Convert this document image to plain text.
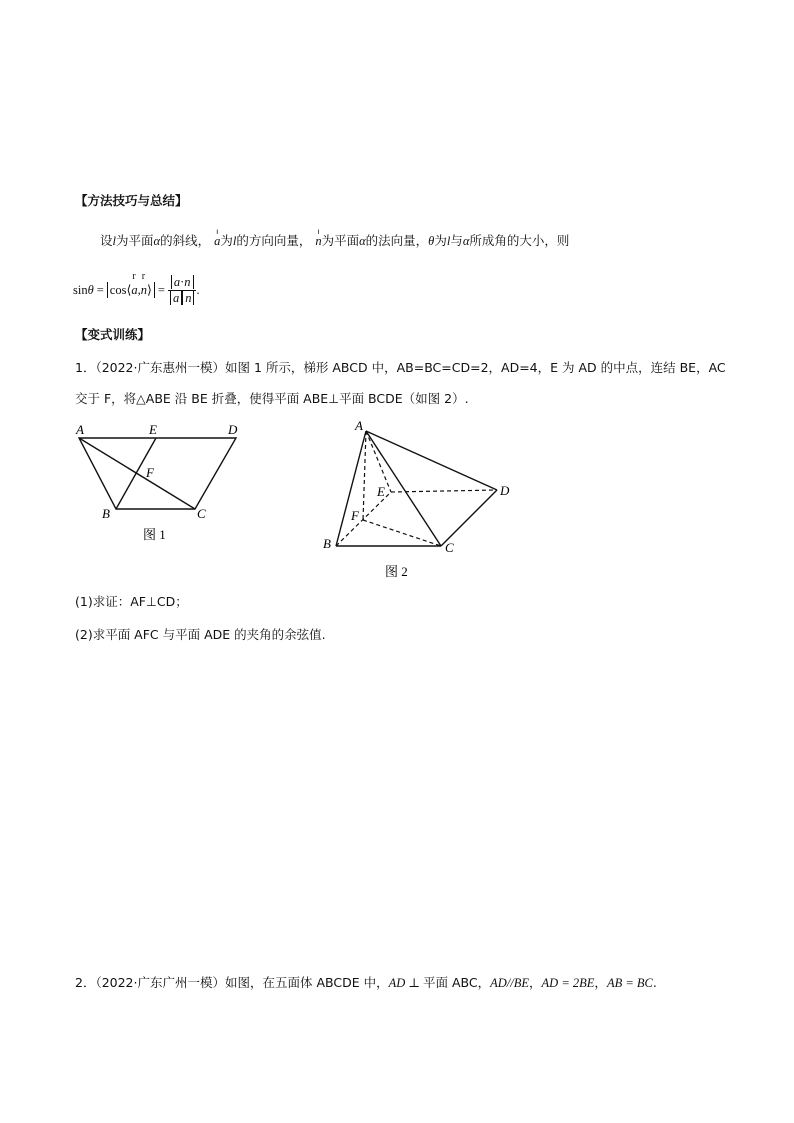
【方法技巧与总结】
设l为平面α的斜线，
ı
a为l的方向向量，
ı
n为平面α的法向量，θ为l与α所成角的大小，则
sin θ = cos⟨
r
a,
r
n⟩ = $\frac{a\cdot n}{\text{a n}}$ .
【变式训练】
1．（2022·广东惠州一模）如图 1 所示，梯形 ABCD 中，AB=BC=CD=2，AD=4，E 为 AD 的中点，连结 BE，AC
交于 F，将△ABE 沿 BE 折叠，使得平面 ABE⊥平面 BCDE（如图 2）.
A	E	D
F
B	C
图 1
A
E	D
F
B	C
图 2
(1)求证：AF⊥CD；
(2)求平面 AFC 与平面 ADE 的夹角的余弦值.
2．（2022·广东广州一模）如图，在五面体 ABCDE 中，AD ⊥ 平面 ABC，AD//BE，AD = 2BE，AB = BC.
